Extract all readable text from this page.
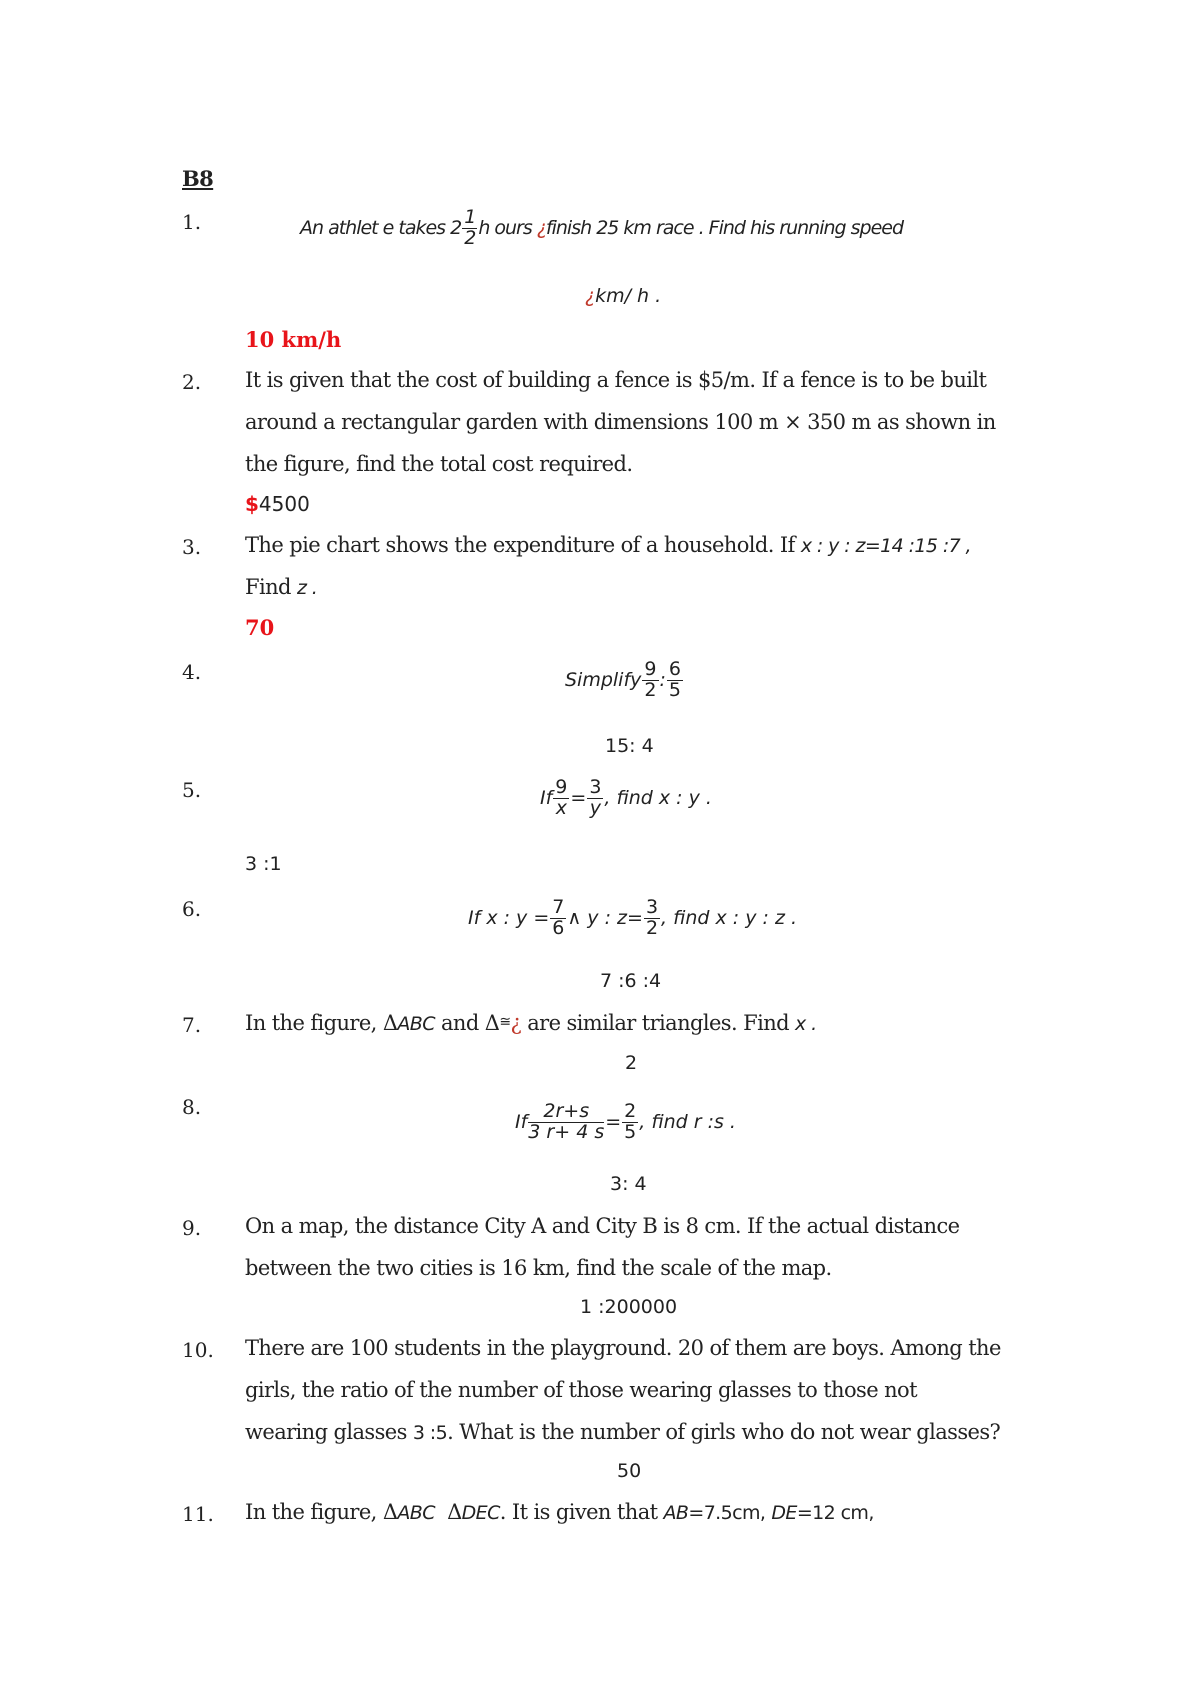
B8
1.	An athlet e takes $2 \frac{1}{2}$ h ours ¿finish 25 km race . Find his running speed
¿km/ h .
10 km/h
2. It is given that the cost of building a fence is $5/m. If a fence is to be built
around a rectangular garden with dimensions 100 m × 350 m as shown in
the figure, find the total cost required.
$4500
3. The pie chart shows the expenditure of a household. If x : y : z=14 :15 :7 ,
Find z .
70
4.	Simplify $\frac{9}{2}$ : $\frac{6}{5}$
15: 4
5.	If $\frac{9}{x} = \frac{3}{y}$ , find x : y .
3 :1
6.	If x : $y = \frac{7}{6}$ ∧ y : $z= \frac{3}{2}$ , find x : y : z .
7 :6 :4
7. In the figure, ΔABC and Δ≅¿ are similar triangles. Find x .
2
8.
If $\frac{2r+s}{3 r+ 4 s} = \frac{2}{5}$ , find r :s .
3: 4
9. On a map, the distance City A and City B is 8 cm. If the actual distance
between the two cities is 16 km, find the scale of the map.
1 :200000
10. There are 100 students in the playground. 20 of them are boys. Among the
girls, the ratio of the number of those wearing glasses to those not
wearing glasses 3 :5. What is the number of girls who do not wear glasses?
50
11. In the figure, ΔABC ΔDEC. It is given that AB=7.5cm, DE=12 cm,
